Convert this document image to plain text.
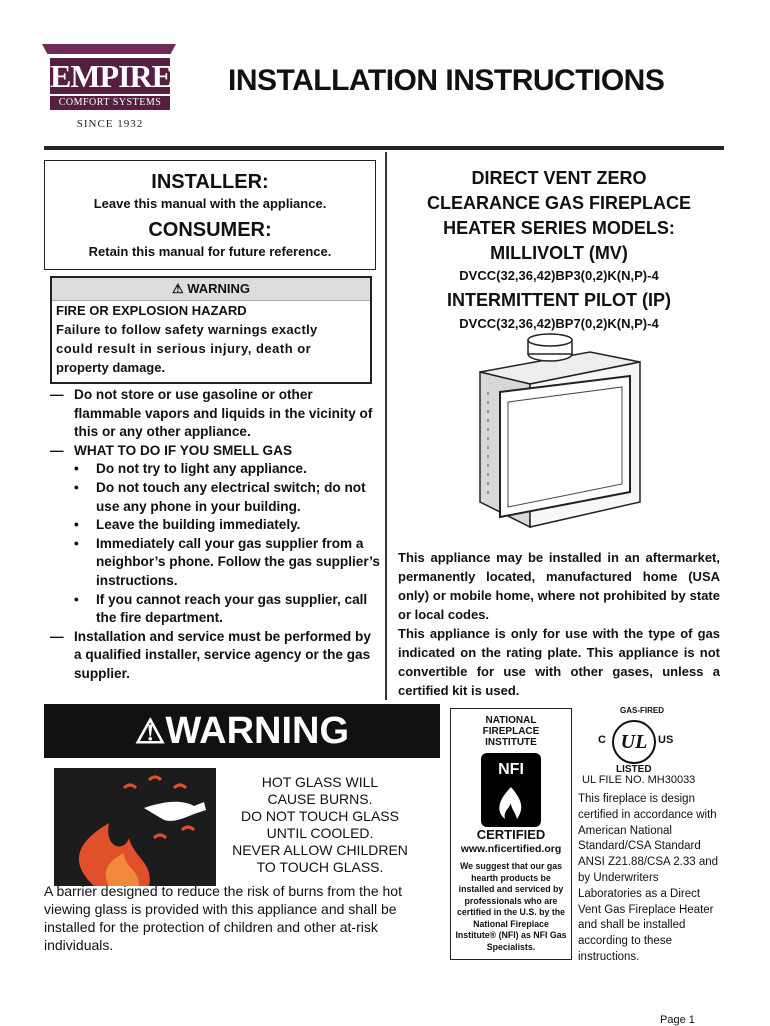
EMPIRE
COMFORT SYSTEMS
SINCE 1932
INSTALLATION INSTRUCTIONS
INSTALLER:
Leave this manual with the appliance.
CONSUMER:
Retain this manual for future reference.
⚠ WARNING
FIRE OR EXPLOSION HAZARD
Failure to follow safety warnings exactly
could result in serious injury, death or
property damage.
— Do not store or use gasoline or other flammable vapors and liquids in the vicinity of this or any other appliance.
— WHAT TO DO IF YOU SMELL GAS
• Do not try to light any appliance.
• Do not touch any electrical switch; do not use any phone in your building.
• Leave the building immediately.
• Immediately call your gas supplier from a neighbor’s phone. Follow the gas supplier’s instructions.
• If you cannot reach your gas supplier, call the fire department.
— Installation and service must be performed by a qualified installer, service agency or the gas supplier.
DIRECT VENT ZERO
CLEARANCE GAS FIREPLACE
HEATER SERIES MODELS:
MILLIVOLT (MV)
DVCC(32,36,42)BP3(0,2)K(N,P)-4
INTERMITTENT PILOT (IP)
DVCC(32,36,42)BP7(0,2)K(N,P)-4
This appliance may be installed in an aftermarket, permanently located, manufactured home (USA only) or mobile home, where not prohibited by state or local codes.
This appliance is only for use with the type of gas indicated on the rating plate. This appliance is not convertible for use with other gases, unless a certified kit is used.
⚠WARNING
HOT GLASS WILL
CAUSE BURNS.
DO NOT TOUCH GLASS
UNTIL COOLED.
NEVER ALLOW CHILDREN
TO TOUCH GLASS.
A barrier designed to reduce the risk of burns from the hot viewing glass is provided with this appliance and shall be installed for the protection of children and other at-risk individuals.
NATIONAL
FIREPLACE
INSTITUTE
NFI
CERTIFIED
www.nficertified.org
We suggest that our gas hearth products be installed and serviced by professionals who are certified in the U.S. by the National Fireplace Institute® (NFI) as NFI Gas Specialists.
GAS-FIRED
C UL US
LISTED
UL FILE NO. MH30033
This fireplace is design certified in accordance with American National Standard/CSA Standard ANSI Z21.88/CSA 2.33 and by Underwriters Laboratories as a Direct Vent Gas Fireplace Heater and shall be installed according to these instructions.
Page 1
